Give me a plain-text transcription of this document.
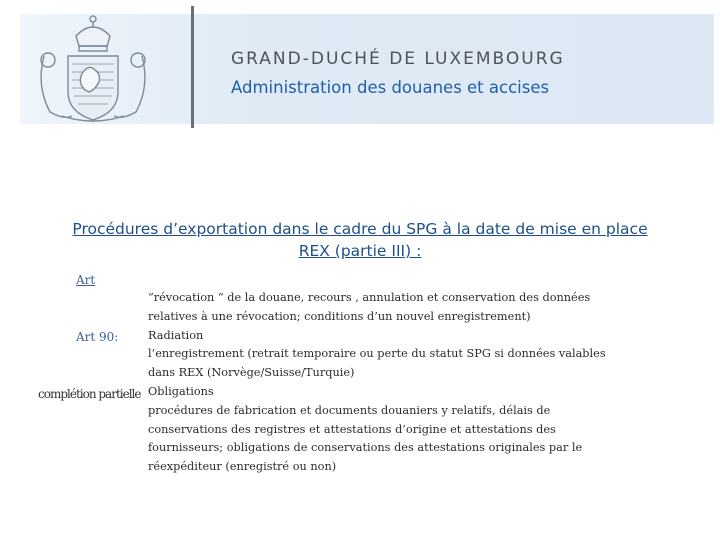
GRAND-DUCHÉ DE LUXEMBOURG
Administration des douanes et accises
Procédures d’exportation dans le cadre du SPG à la date de mise en place REX (partie III) :
Art
Art 90:
complétion partielle
“révocation “ de la douane, recours , annulation et conservation des données
relatives à une révocation; conditions d’un nouvel enregistrement)
Radiation
l’enregistrement (retrait temporaire ou perte du statut SPG si données valables
dans REX (Norvège/Suisse/Turquie)
Obligations
procédures de fabrication et documents douaniers y relatifs, délais de
conservations des registres et attestations d’origine et attestations des
fournisseurs; obligations de conservations des attestations originales par le
réexpéditeur (enregistré ou non)
